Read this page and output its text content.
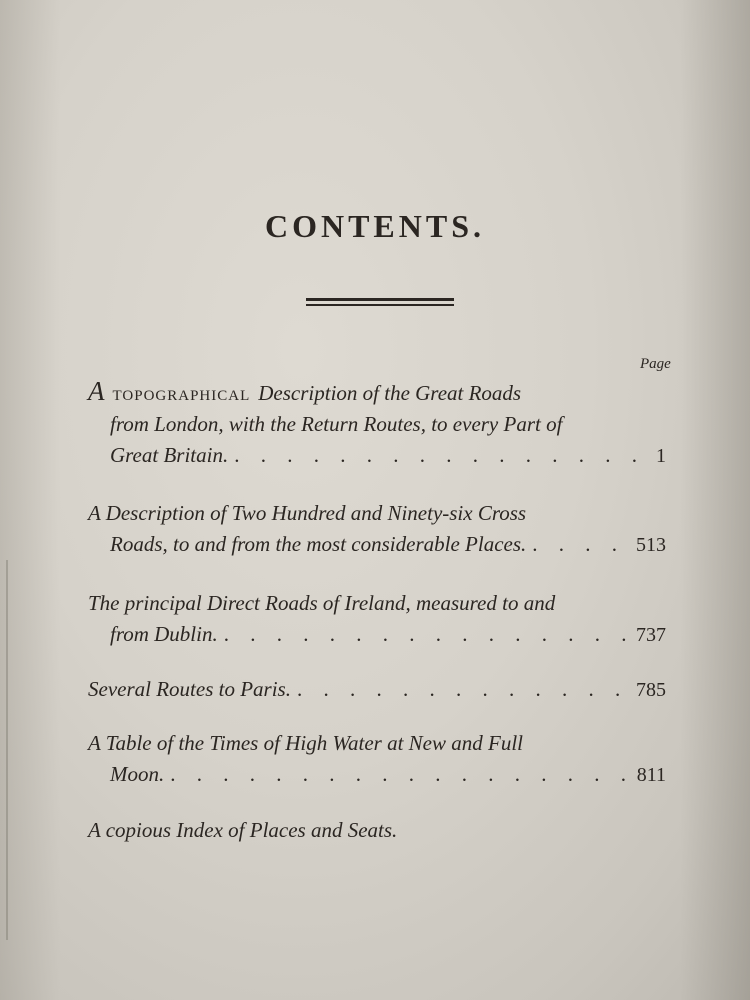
CONTENTS.
Page
A topographical Description of the Great Roads
from London, with the Return Routes, to every Part of
Great Britain. . . .	1
A Description of Two Hundred and Ninety-six Cross
Roads, to and from the most considerable Places. . . .	513
The principal Direct Roads of Ireland, measured to and
from Dublin. . . .	737
Several Routes to Paris. . . .	785
A Table of the Times of High Water at New and Full
Moon. . . .	811
A copious Index of Places and Seats.
